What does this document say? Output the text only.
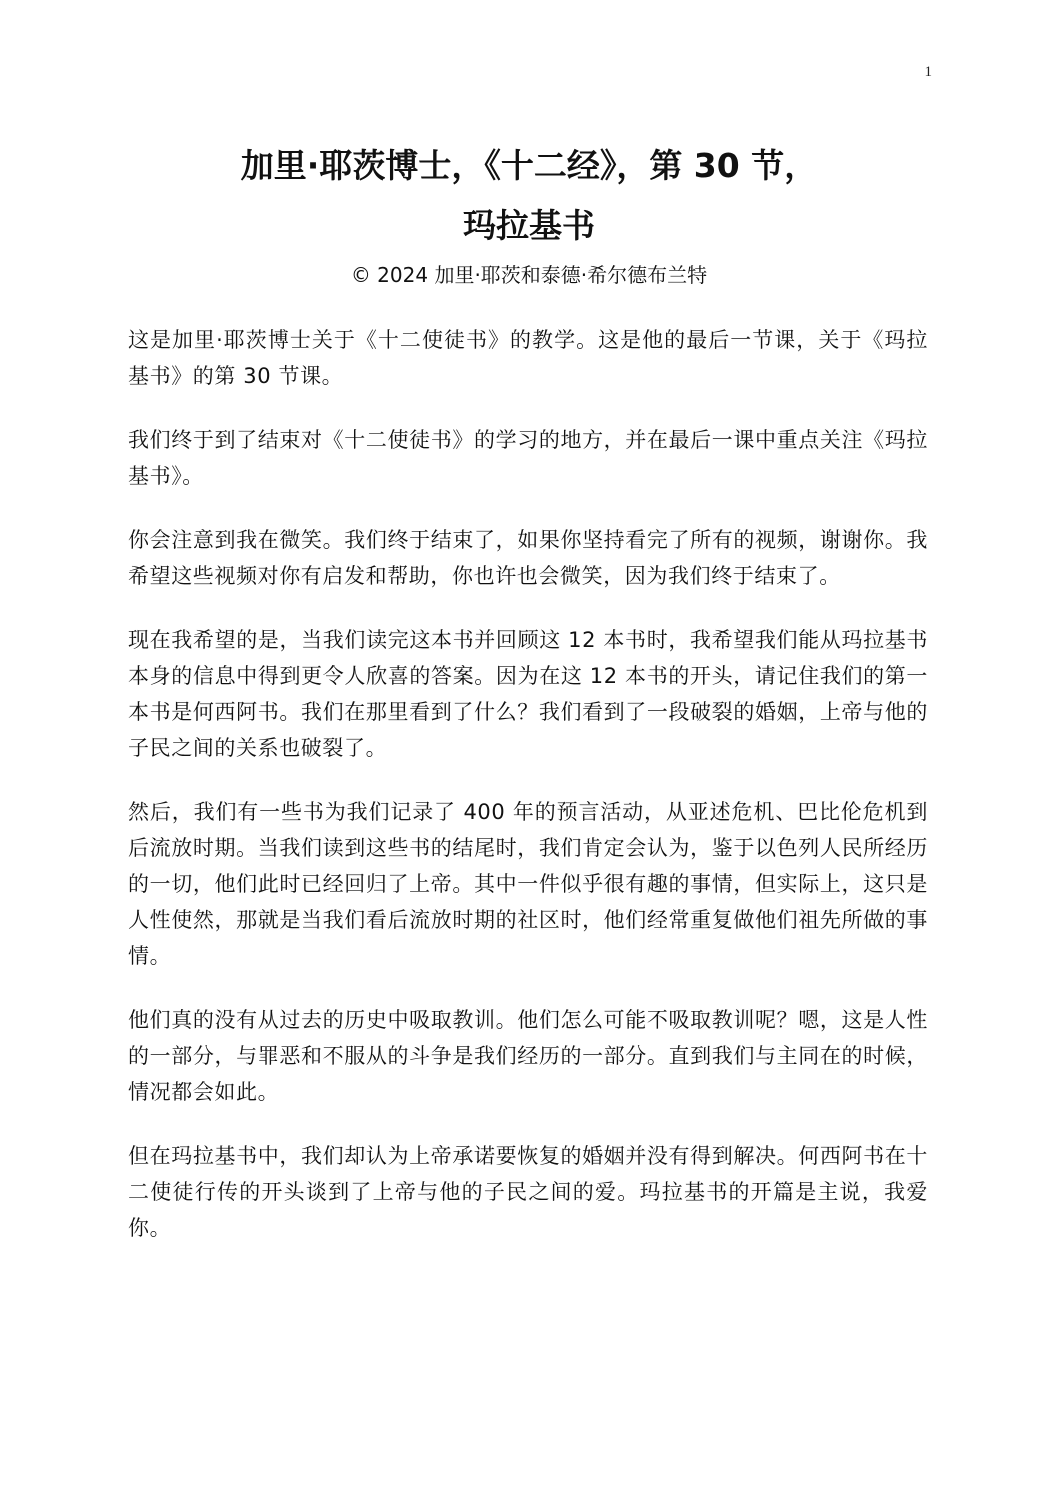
1
加里·耶茨博士，《十二经》，第 30 节，
玛拉基书
© 2024 加里·耶茨和泰德·希尔德布兰特

这是加里·耶茨博士关于《十二使徒书》的教学。这是他的最后一节课，关于《玛拉基书》的第 30 节课。

我们终于到了结束对《十二使徒书》的学习的地方，并在最后一课中重点关注《玛拉基书》。

你会注意到我在微笑。我们终于结束了，如果你坚持看完了所有的视频，谢谢你。我希望这些视频对你有启发和帮助，你也许也会微笑，因为我们终于结束了。

现在我希望的是，当我们读完这本书并回顾这 12 本书时，我希望我们能从玛拉基书本身的信息中得到更令人欣喜的答案。因为在这 12 本书的开头，请记住我们的第一本书是何西阿书。我们在那里看到了什么？我们看到了一段破裂的婚姻，上帝与他的子民之间的关系也破裂了。

然后，我们有一些书为我们记录了 400 年的预言活动，从亚述危机、巴比伦危机到后流放时期。当我们读到这些书的结尾时，我们肯定会认为，鉴于以色列人民所经历的一切，他们此时已经回归了上帝。其中一件似乎很有趣的事情，但实际上，这只是人性使然，那就是当我们看后流放时期的社区时，他们经常重复做他们祖先所做的事情。

他们真的没有从过去的历史中吸取教训。他们怎么可能不吸取教训呢？嗯，这是人性的一部分，与罪恶和不服从的斗争是我们经历的一部分。直到我们与主同在的时候，情况都会如此。

但在玛拉基书中，我们却认为上帝承诺要恢复的婚姻并没有得到解决。何西阿书在十二使徒行传的开头谈到了上帝与他的子民之间的爱。玛拉基书的开篇是主说，我爱你。
